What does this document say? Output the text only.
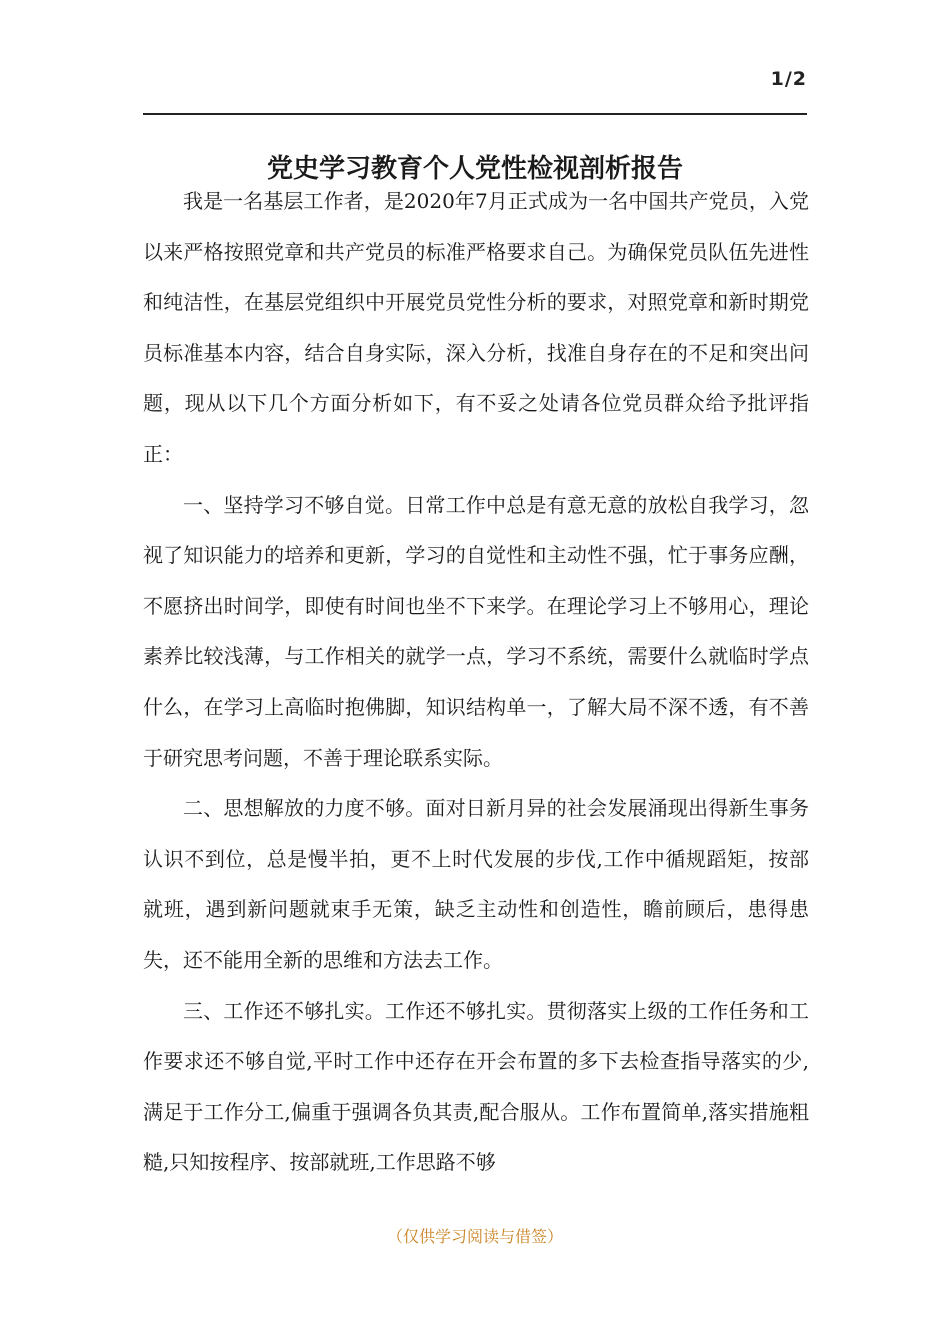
1/2
党史学习教育个人党性检视剖析报告

我是一名基层工作者，是2020年7月正式成为一名中国共产党员，入党以来严格按照党章和共产党员的标准严格要求自己。为确保党员队伍先进性和纯洁性，在基层党组织中开展党员党性分析的要求，对照党章和新时期党员标准基本内容，结合自身实际，深入分析，找准自身存在的不足和突出问题，现从以下几个方面分析如下，有不妥之处请各位党员群众给予批评指正：

一、坚持学习不够自觉。日常工作中总是有意无意的放松自我学习，忽视了知识能力的培养和更新，学习的自觉性和主动性不强，忙于事务应酬，不愿挤出时间学，即使有时间也坐不下来学。在理论学习上不够用心，理论素养比较浅薄，与工作相关的就学一点，学习不系统，需要什么就临时学点什么，在学习上高临时抱佛脚，知识结构单一，了解大局不深不透，有不善于研究思考问题，不善于理论联系实际。

二、思想解放的力度不够。面对日新月异的社会发展涌现出得新生事务认识不到位，总是慢半拍，更不上时代发展的步伐,工作中循规蹈矩，按部就班，遇到新问题就束手无策，缺乏主动性和创造性，瞻前顾后，患得患失，还不能用全新的思维和方法去工作。

三、工作还不够扎实。工作还不够扎实。贯彻落实上级的工作任务和工作要求还不够自觉,平时工作中还存在开会布置的多下去检查指导落实的少,满足于工作分工,偏重于强调各负其责,配合服从。工作布置简单,落实措施粗糙,只知按程序、按部就班,工作思路不够

（仅供学习阅读与借签）
